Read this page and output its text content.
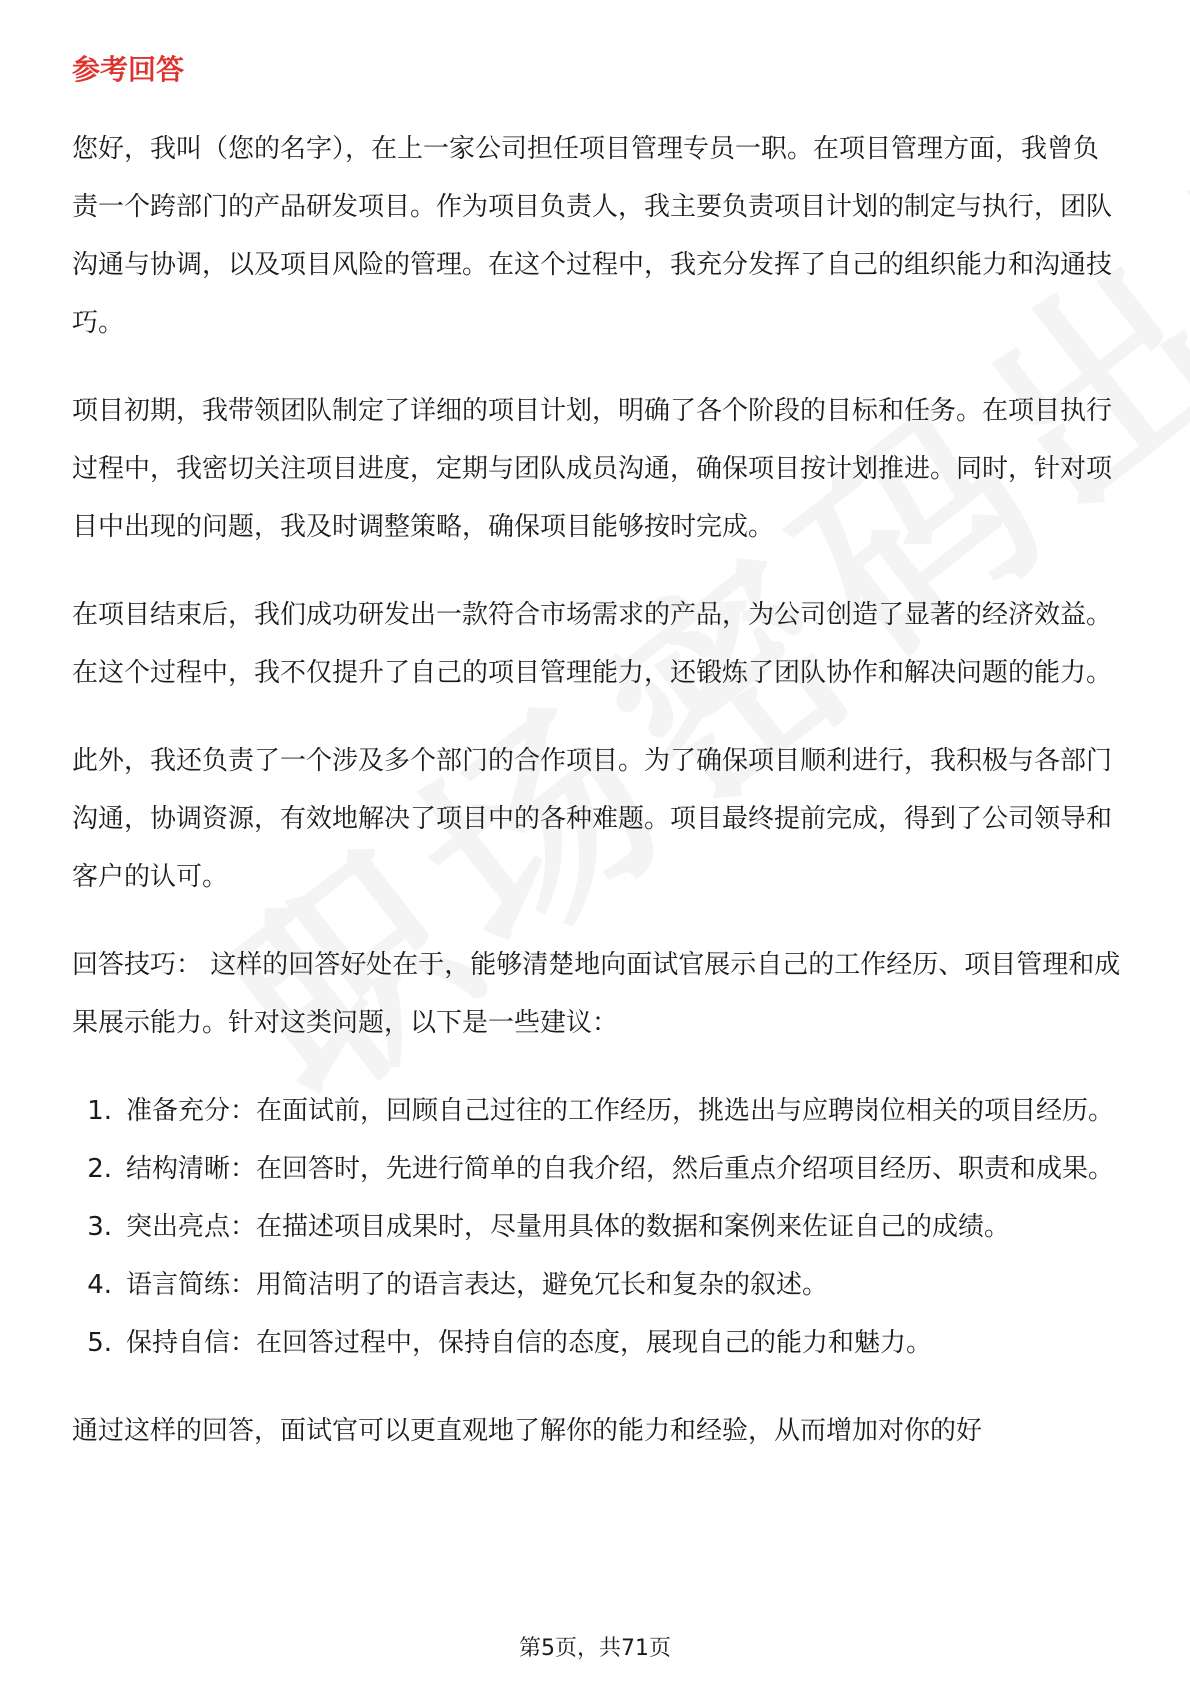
参考回答

您好，我叫（您的名字），在上一家公司担任项目管理专员一职。在项目管理方面，我曾负责一个跨部门的产品研发项目。作为项目负责人，我主要负责项目计划的制定与执行，团队沟通与协调，以及项目风险的管理。在这个过程中，我充分发挥了自己的组织能力和沟通技巧。

项目初期，我带领团队制定了详细的项目计划，明确了各个阶段的目标和任务。在项目执行过程中，我密切关注项目进度，定期与团队成员沟通，确保项目按计划推进。同时，针对项目中出现的问题，我及时调整策略，确保项目能够按时完成。

在项目结束后，我们成功研发出一款符合市场需求的产品，为公司创造了显著的经济效益。在这个过程中，我不仅提升了自己的项目管理能力，还锻炼了团队协作和解决问题的能力。

此外，我还负责了一个涉及多个部门的合作项目。为了确保项目顺利进行，我积极与各部门沟通，协调资源，有效地解决了项目中的各种难题。项目最终提前完成，得到了公司领导和客户的认可。

回答技巧： 这样的回答好处在于，能够清楚地向面试官展示自己的工作经历、项目管理和成果展示能力。针对这类问题，以下是一些建议：

1. 准备充分：在面试前，回顾自己过往的工作经历，挑选出与应聘岗位相关的项目经历。
2. 结构清晰：在回答时，先进行简单的自我介绍，然后重点介绍项目经历、职责和成果。
3. 突出亮点：在描述项目成果时，尽量用具体的数据和案例来佐证自己的成绩。
4. 语言简练：用简洁明了的语言表达，避免冗长和复杂的叙述。
5. 保持自信：在回答过程中，保持自信的态度，展现自己的能力和魅力。

通过这样的回答，面试官可以更直观地了解你的能力和经验，从而增加对你的好

第5页，共71页
